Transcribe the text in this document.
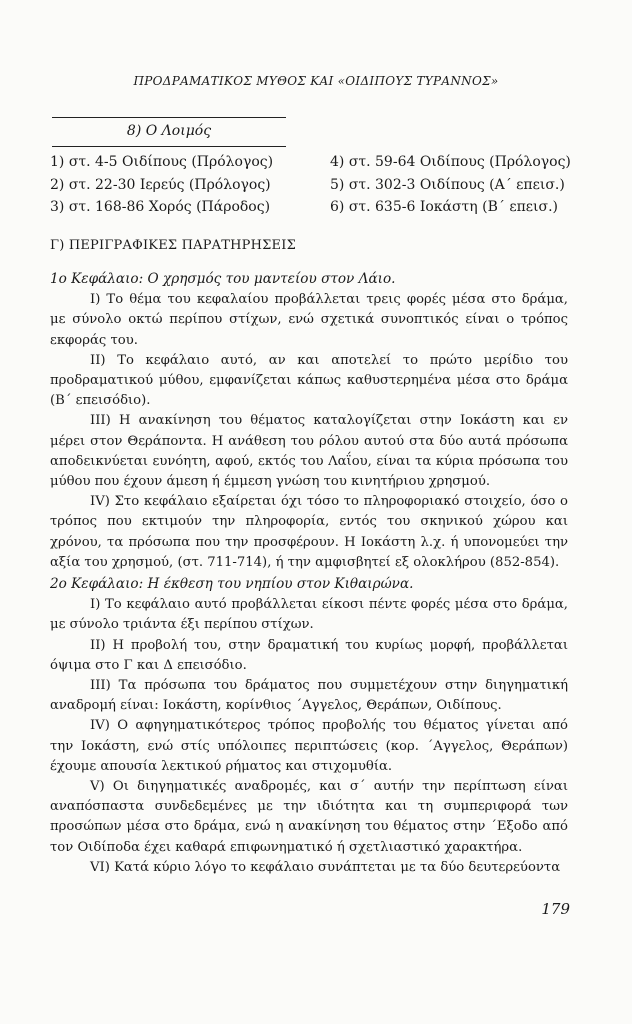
ΠΡΟΔΡΑΜΑΤΙΚΟΣ ΜΥΘΟΣ ΚΑΙ «ΟΙΔΙΠΟΥΣ ΤΥΡΑΝΝΟΣ»
8) Ο Λοιμός
1) στ. 4-5 Οιδίπους (Πρόλογος)
2) στ. 22-30 Ιερεύς (Πρόλογος)
3) στ. 168-86 Χορός (Πάροδος)
4) στ. 59-64 Οιδίπους (Πρόλογος)
5) στ. 302-3 Οιδίπους (Α΄ επεισ.)
6) στ. 635-6 Ιοκάστη (Β΄ επεισ.)
Γ) ΠΕΡΙΓΡΑΦΙΚΕΣ ΠΑΡΑΤΗΡΗΣΕΙΣ

1ο Κεφάλαιο: Ο χρησμός του μαντείου στον Λάιο.

I) Το θέμα του κεφαλαίου προβάλλεται τρεις φορές μέσα στο δράμα, με σύνολο οκτώ περίπου στίχων, ενώ σχετικά συνοπτικός είναι ο τρόπος εκφοράς του.

II) Το κεφάλαιο αυτό, αν και αποτελεί το πρώτο μερίδιο του προδραματικού μύθου, εμφανίζεται κάπως καθυστερημένα μέσα στο δράμα (Β΄ επεισόδιο).

III) Η ανακίνηση του θέματος καταλογίζεται στην Ιοκάστη και εν μέρει στον Θεράποντα. Η ανάθεση του ρόλου αυτού στα δύο αυτά πρόσωπα αποδεικνύεται ευνόητη, αφού, εκτός του Λαΐου, είναι τα κύρια πρόσωπα του μύθου που έχουν άμεση ή έμμεση γνώση του κινητήριου χρησμού.

IV) Στο κεφάλαιο εξαίρεται όχι τόσο το πληροφοριακό στοιχείο, όσο ο τρόπος που εκτιμούν την πληροφορία, εντός του σκηνικού χώρου και χρόνου, τα πρόσωπα που την προσφέρουν. Η Ιοκάστη λ.χ. ή υπονομεύει την αξία του χρησμού, (στ. 711-714), ή την αμφισβητεί εξ ολοκλήρου (852-854).

2ο Κεφάλαιο: Η έκθεση του νηπίου στον Κιθαιρώνα.

I) Το κεφάλαιο αυτό προβάλλεται είκοσι πέντε φορές μέσα στο δράμα, με σύνολο τριάντα έξι περίπου στίχων.

II) Η προβολή του, στην δραματική του κυρίως μορφή, προβάλλεται όψιμα στο Γ και Δ επεισόδιο.

III) Τα πρόσωπα του δράματος που συμμετέχουν στην διηγηματική αναδρομή είναι: Ιοκάστη, κορίνθιος ΄Αγγελος, Θεράπων, Οιδίπους.

IV) Ο αφηγηματικότερος τρόπος προβολής του θέματος γίνεται από την Ιοκάστη, ενώ στίς υπόλοιπες περιπτώσεις (κορ. ΄Αγγελος, Θεράπων) έχουμε απουσία λεκτικού ρήματος και στιχομυθία.

V) Οι διηγηματικές αναδρομές, και σ΄ αυτήν την περίπτωση είναι αναπόσπαστα συνδεδεμένες με την ιδιότητα και τη συμπεριφορά των προσώπων μέσα στο δράμα, ενώ η ανακίνηση του θέματος στην ΄Εξοδο από τον Οιδίποδα έχει καθαρά επιφωνηματικό ή σχετλιαστικό χαρακτήρα.

VI) Κατά κύριο λόγο το κεφάλαιο συνάπτεται με τα δύο δευτερεύοντα

179
